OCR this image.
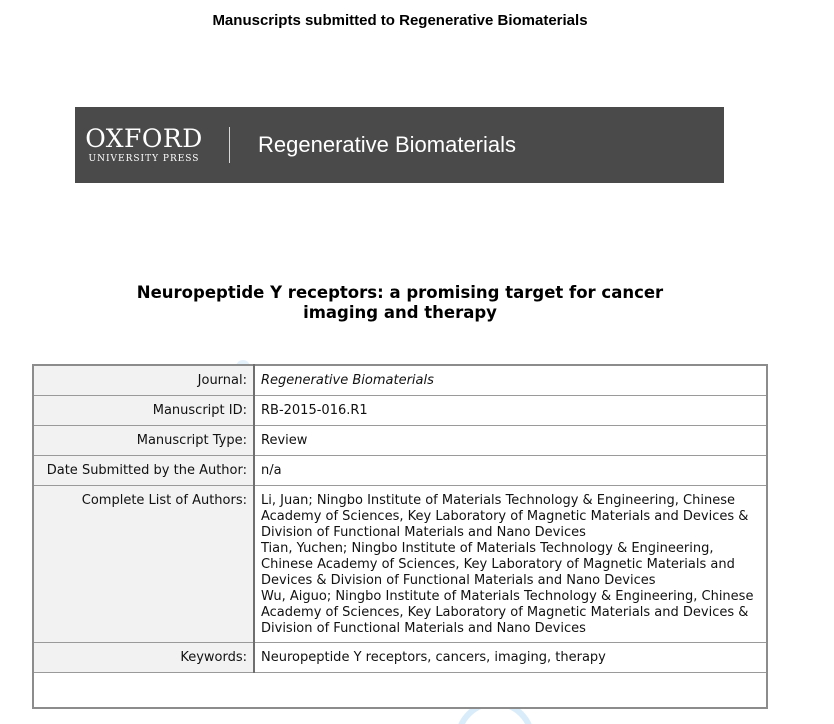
Manuscripts submitted to Regenerative Biomaterials
OXFORD
UNIVERSITY PRESS
Regenerative Biomaterials
Neuropeptide Y receptors: a promising target for cancer
imaging and therapy
Journal:	Regenerative Biomaterials
Manuscript ID:	RB-2015-016.R1
Manuscript Type:	Review
Date Submitted by the Author:	n/a
Complete List of Authors:	Li, Juan; Ningbo Institute of Materials Technology & Engineering, Chinese Academy of Sciences, Key Laboratory of Magnetic Materials and Devices & Division of Functional Materials and Nano Devices
Tian, Yuchen; Ningbo Institute of Materials Technology & Engineering, Chinese Academy of Sciences, Key Laboratory of Magnetic Materials and Devices & Division of Functional Materials and Nano Devices
Wu, Aiguo; Ningbo Institute of Materials Technology & Engineering, Chinese Academy of Sciences, Key Laboratory of Magnetic Materials and Devices & Division of Functional Materials and Nano Devices

Keywords:	Neuropeptide Y receptors, cancers, imaging, therapy
